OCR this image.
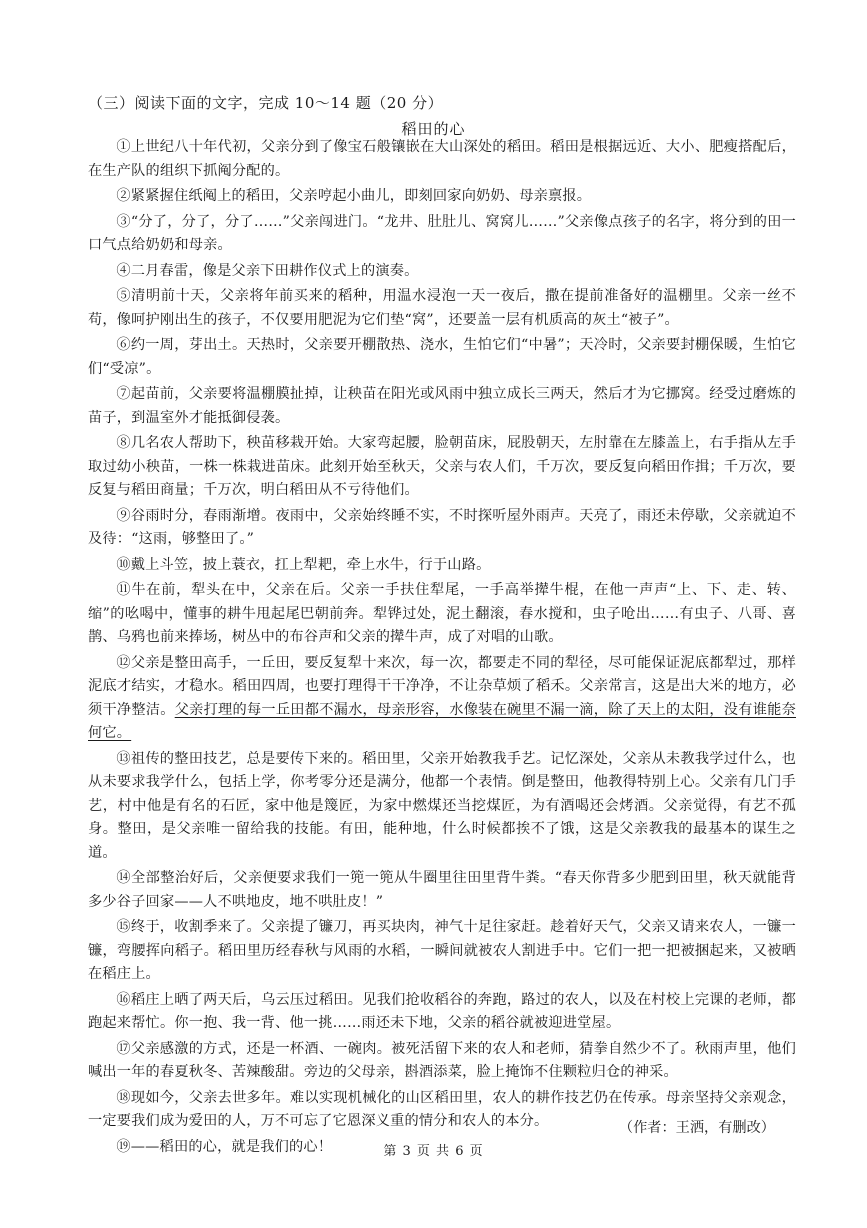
（三）阅读下面的文字，完成 10～14 题（20 分）
稻田的心

①上世纪八十年代初，父亲分到了像宝石般镶嵌在大山深处的稻田。稻田是根据远近、大小、肥瘦搭配后，在生产队的组织下抓阄分配的。

②紧紧握住纸阄上的稻田，父亲哼起小曲儿，即刻回家向奶奶、母亲禀报。

③“分了，分了，分了……”父亲闯进门。“龙井、肚肚儿、窝窝儿……”父亲像点孩子的名字，将分到的田一口气点给奶奶和母亲。

④二月春雷，像是父亲下田耕作仪式上的演奏。

⑤清明前十天，父亲将年前买来的稻种，用温水浸泡一天一夜后，撒在提前准备好的温棚里。父亲一丝不苟，像呵护刚出生的孩子，不仅要用肥泥为它们垫“窝”，还要盖一层有机质高的灰土“被子”。

⑥约一周，芽出土。天热时，父亲要开棚散热、浇水，生怕它们“中暑”；天冷时，父亲要封棚保暖，生怕它们“受凉”。

⑦起苗前，父亲要将温棚膜扯掉，让秧苗在阳光或风雨中独立成长三两天，然后才为它挪窝。经受过磨炼的苗子，到温室外才能抵御侵袭。

⑧几名农人帮助下，秧苗移栽开始。大家弯起腰，脸朝苗床，屁股朝天，左肘靠在左膝盖上，右手指从左手取过幼小秧苗，一株一株栽进苗床。此刻开始至秋天，父亲与农人们，千万次，要反复向稻田作揖；千万次，要反复与稻田商量；千万次，明白稻田从不亏待他们。

⑨谷雨时分，春雨渐增。夜雨中，父亲始终睡不实，不时探听屋外雨声。天亮了，雨还未停歇，父亲就迫不及待：“这雨，够整田了。”

⑩戴上斗笠，披上蓑衣，扛上犁耙，牵上水牛，行于山路。

⑪牛在前，犁头在中，父亲在后。父亲一手扶住犁尾，一手高举撵牛棍，在他一声声“上、下、走、转、缩”的吆喝中，懂事的耕牛甩起尾巴朝前奔。犁铧过处，泥土翻滚，春水搅和，虫子呛出……有虫子、八哥、喜鹊、乌鸦也前来捧场，树丛中的布谷声和父亲的撵牛声，成了对唱的山歌。

⑫父亲是整田高手，一丘田，要反复犁十来次，每一次，都要走不同的犁径，尽可能保证泥底都犁过，那样泥底才结实，才稳水。稻田四周，也要打理得干干净净，不让杂草烦了稻禾。父亲常言，这是出大米的地方，必须干净整洁。父亲打理的每一丘田都不漏水，母亲形容，水像装在碗里不漏一滴，除了天上的太阳，没有谁能奈何它。

⑬祖传的整田技艺，总是要传下来的。稻田里，父亲开始教我手艺。记忆深处，父亲从未教我学过什么，也从未要求我学什么，包括上学，你考零分还是满分，他都一个表情。倒是整田，他教得特别上心。父亲有几门手艺，村中他是有名的石匠，家中他是篾匠，为家中燃煤还当挖煤匠，为有酒喝还会烤酒。父亲觉得，有艺不孤身。整田，是父亲唯一留给我的技能。有田，能种地，什么时候都挨不了饿，这是父亲教我的最基本的谋生之道。

⑭全部整治好后，父亲便要求我们一篼一篼从牛圈里往田里背牛粪。“春天你背多少肥到田里，秋天就能背多少谷子回家——人不哄地皮，地不哄肚皮！”

⑮终于，收割季来了。父亲提了镰刀，再买块肉，神气十足往家赶。趁着好天气，父亲又请来农人，一镰一镰，弯腰挥向稻子。稻田里历经春秋与风雨的水稻，一瞬间就被农人割进手中。它们一把一把被捆起来，又被晒在稻庄上。

⑯稻庄上晒了两天后，乌云压过稻田。见我们抢收稻谷的奔跑，路过的农人，以及在村校上完课的老师，都跑起来帮忙。你一抱、我一背、他一挑……雨还未下地，父亲的稻谷就被迎进堂屋。

⑰父亲感激的方式，还是一杯酒、一碗肉。被死活留下来的农人和老师，猜拳自然少不了。秋雨声里，他们喊出一年的春夏秋冬、苦辣酸甜。旁边的父母亲，斟酒添菜，脸上掩饰不住颗粒归仓的神采。

⑱现如今，父亲去世多年。难以实现机械化的山区稻田里，农人的耕作技艺仍在传承。母亲坚持父亲观念，一定要我们成为爱田的人，万不可忘了它恩深义重的情分和农人的本分。

⑲——稻田的心，就是我们的心！

（作者：王洒，有删改）
第 3 页 共 6 页
